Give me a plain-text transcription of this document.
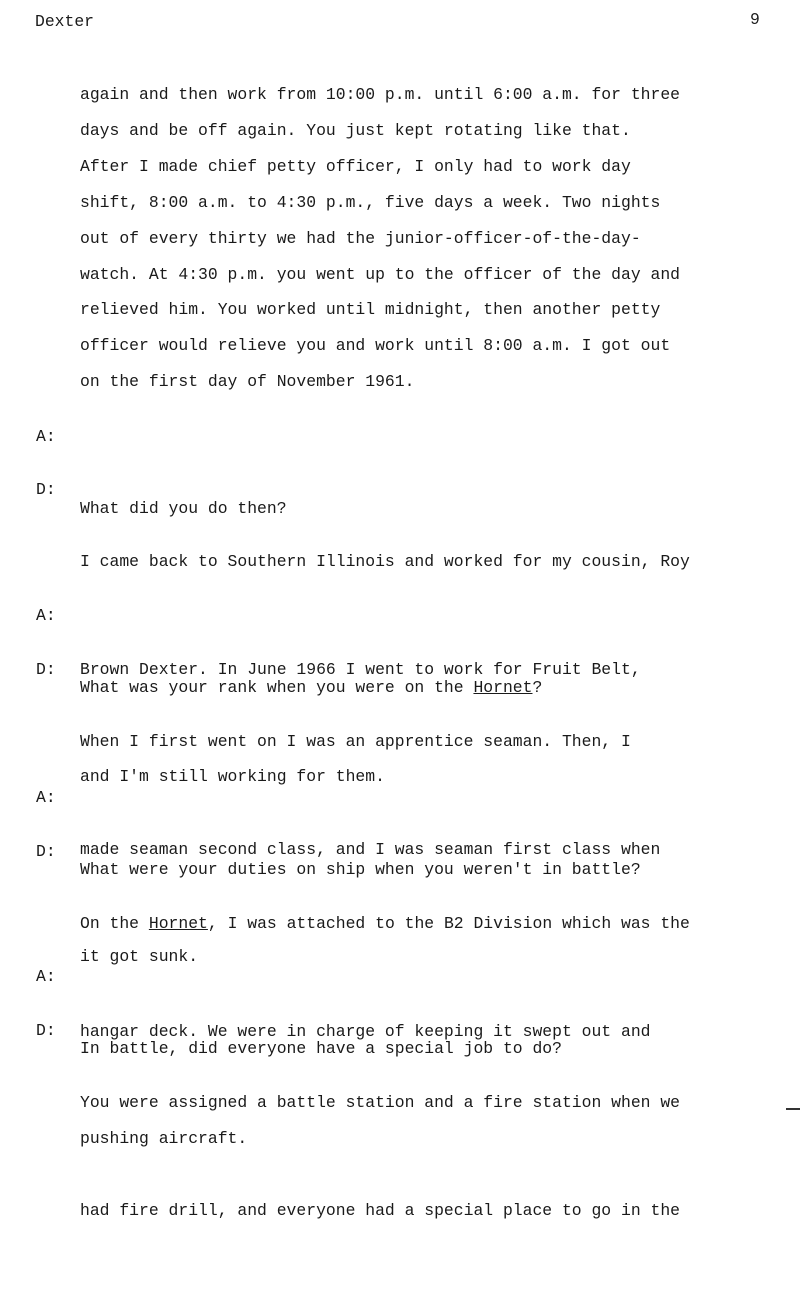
Dexter	9
again and then work from 10:00 p.m. until 6:00 a.m. for three
days and be off again. You just kept rotating like that.
After I made chief petty officer, I only had to work day
shift, 8:00 a.m. to 4:30 p.m., five days a week. Two nights
out of every thirty we had the junior-officer-of-the-day-
watch. At 4:30 p.m. you went up to the officer of the day and
relieved him. You worked until midnight, then another petty
officer would relieve you and work until 8:00 a.m. I got out
on the first day of November 1961.
A:

What did you do then?

D:

I came back to Southern Illinois and worked for my cousin, Roy

Brown Dexter. In June 1966 I went to work for Fruit Belt,

and I'm still working for them.

A:

What was your rank when you were on the Hornet?

D:

When I first went on I was an apprentice seaman. Then, I

made seaman second class, and I was seaman first class when

it got sunk.

A:

What were your duties on ship when you weren't in battle?

D:

On the Hornet, I was attached to the B2 Division which was the

hangar deck. We were in charge of keeping it swept out and

pushing aircraft.

A:

In battle, did everyone have a special job to do?

D:

You were assigned a battle station and a fire station when we

had fire drill, and everyone had a special place to go in the
